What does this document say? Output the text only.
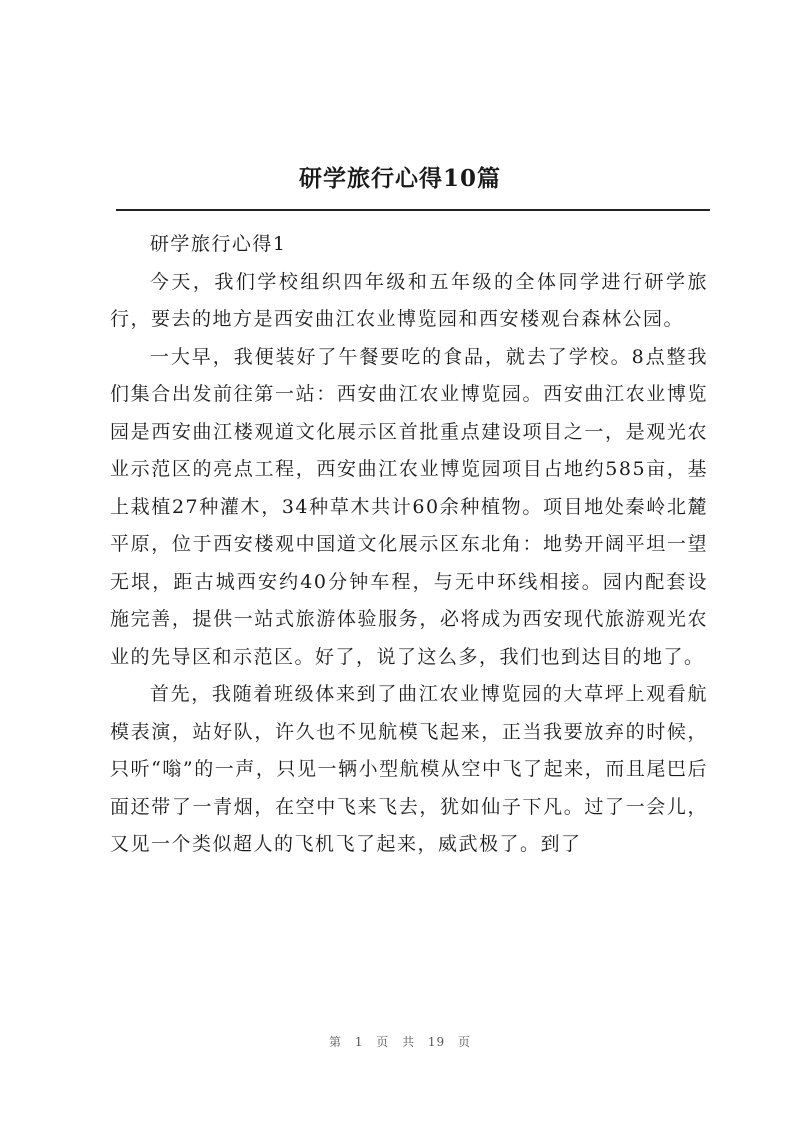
研学旅行心得10篇

研学旅行心得1

今天，我们学校组织四年级和五年级的全体同学进行研学旅行，要去的地方是西安曲江农业博览园和西安楼观台森林公园。

一大早，我便装好了午餐要吃的食品，就去了学校。8点整我们集合出发前往第一站：西安曲江农业博览园。西安曲江农业博览园是西安曲江楼观道文化展示区首批重点建设项目之一，是观光农业示范区的亮点工程，西安曲江农业博览园项目占地约585亩，基上栽植27种灌木，34种草木共计60余种植物。项目地处秦岭北麓平原，位于西安楼观中国道文化展示区东北角：地势开阔平坦一望无垠，距古城西安约40分钟车程，与无中环线相接。园内配套设施完善，提供一站式旅游体验服务，必将成为西安现代旅游观光农业的先导区和示范区。好了，说了这么多，我们也到达目的地了。

首先，我随着班级体来到了曲江农业博览园的大草坪上观看航模表演，站好队，许久也不见航模飞起来，正当我要放弃的时候，只听“嗡”的一声，只见一辆小型航模从空中飞了起来，而且尾巴后面还带了一青烟，在空中飞来飞去，犹如仙子下凡。过了一会儿，又见一个类似超人的飞机飞了起来，威武极了。到了

第 1 页 共 19 页
